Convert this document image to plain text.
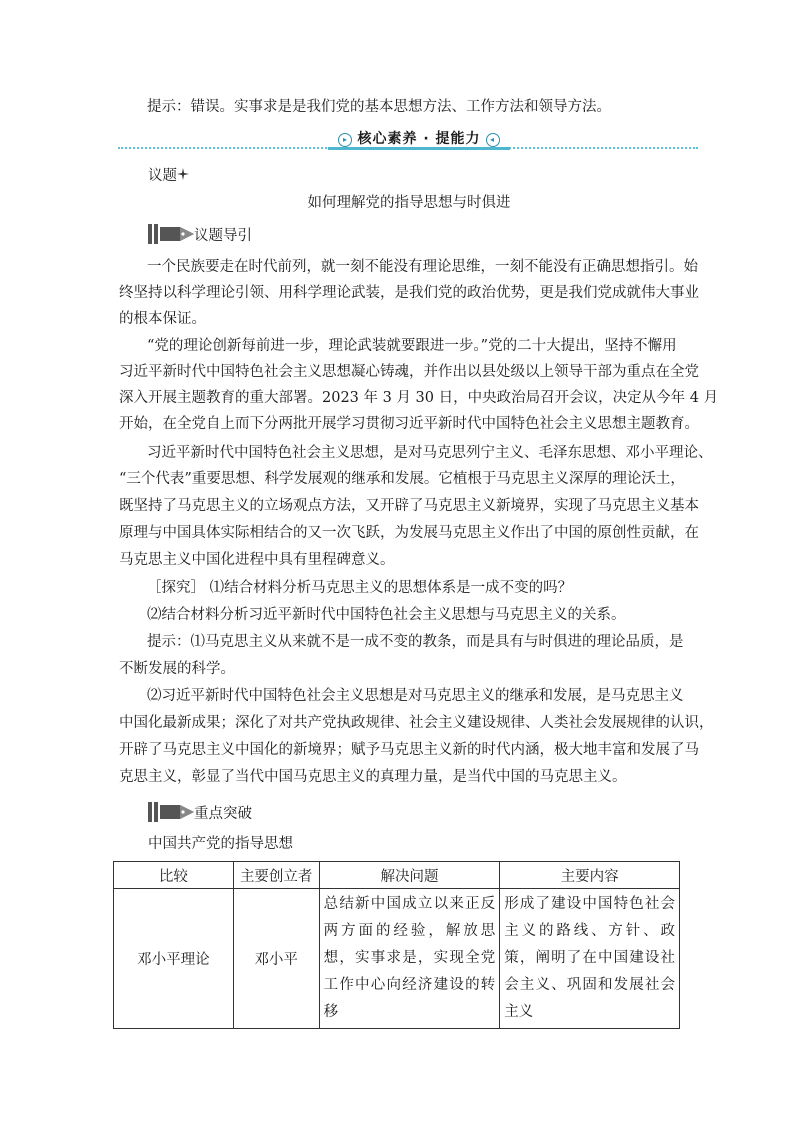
提示：错误。实事求是是我们党的基本思想方法、工作方法和领导方法。
▸ 核心素养 · 提能力 ◂
议题
如何理解党的指导思想与时俱进
议题导引
一个民族要走在时代前列，就一刻不能没有理论思维，一刻不能没有正确思想指引。始
终坚持以科学理论引领、用科学理论武装，是我们党的政治优势，更是我们党成就伟大事业
的根本保证。
“党的理论创新每前进一步，理论武装就要跟进一步。”党的二十大提出，坚持不懈用
习近平新时代中国特色社会主义思想凝心铸魂，并作出以县处级以上领导干部为重点在全党
深入开展主题教育的重大部署。2023 年 3 月 30 日，中央政治局召开会议，决定从今年 4 月
开始，在全党自上而下分两批开展学习贯彻习近平新时代中国特色社会主义思想主题教育。
习近平新时代中国特色社会主义思想，是对马克思列宁主义、毛泽东思想、邓小平理论、
“三个代表”重要思想、科学发展观的继承和发展。它植根于马克思主义深厚的理论沃土，
既坚持了马克思主义的立场观点方法，又开辟了马克思主义新境界，实现了马克思主义基本
原理与中国具体实际相结合的又一次飞跃，为发展马克思主义作出了中国的原创性贡献，在
马克思主义中国化进程中具有里程碑意义。
［探究］ ⑴结合材料分析马克思主义的思想体系是一成不变的吗？
⑵结合材料分析习近平新时代中国特色社会主义思想与马克思主义的关系。
提示：⑴马克思主义从来就不是一成不变的教条，而是具有与时俱进的理论品质，是
不断发展的科学。
⑵习近平新时代中国特色社会主义思想是对马克思主义的继承和发展，是马克思主义
中国化最新成果；深化了对共产党执政规律、社会主义建设规律、人类社会发展规律的认识，
开辟了马克思主义中国化的新境界；赋予马克思主义新的时代内涵，极大地丰富和发展了马
克思主义，彰显了当代中国马克思主义的真理力量，是当代中国的马克思主义。
重点突破
中国共产党的指导思想
比较	主要创立者	解决问题	主要内容
邓小平理论	邓小平	总结新中国成立以来正反两方面的经验，解放思想，实事求是，实现全党工作中心向经济建设的转移	形成了建设中国特色社会主义的路线、方针、政策，阐明了在中国建设社会主义、巩固和发展社会主义
